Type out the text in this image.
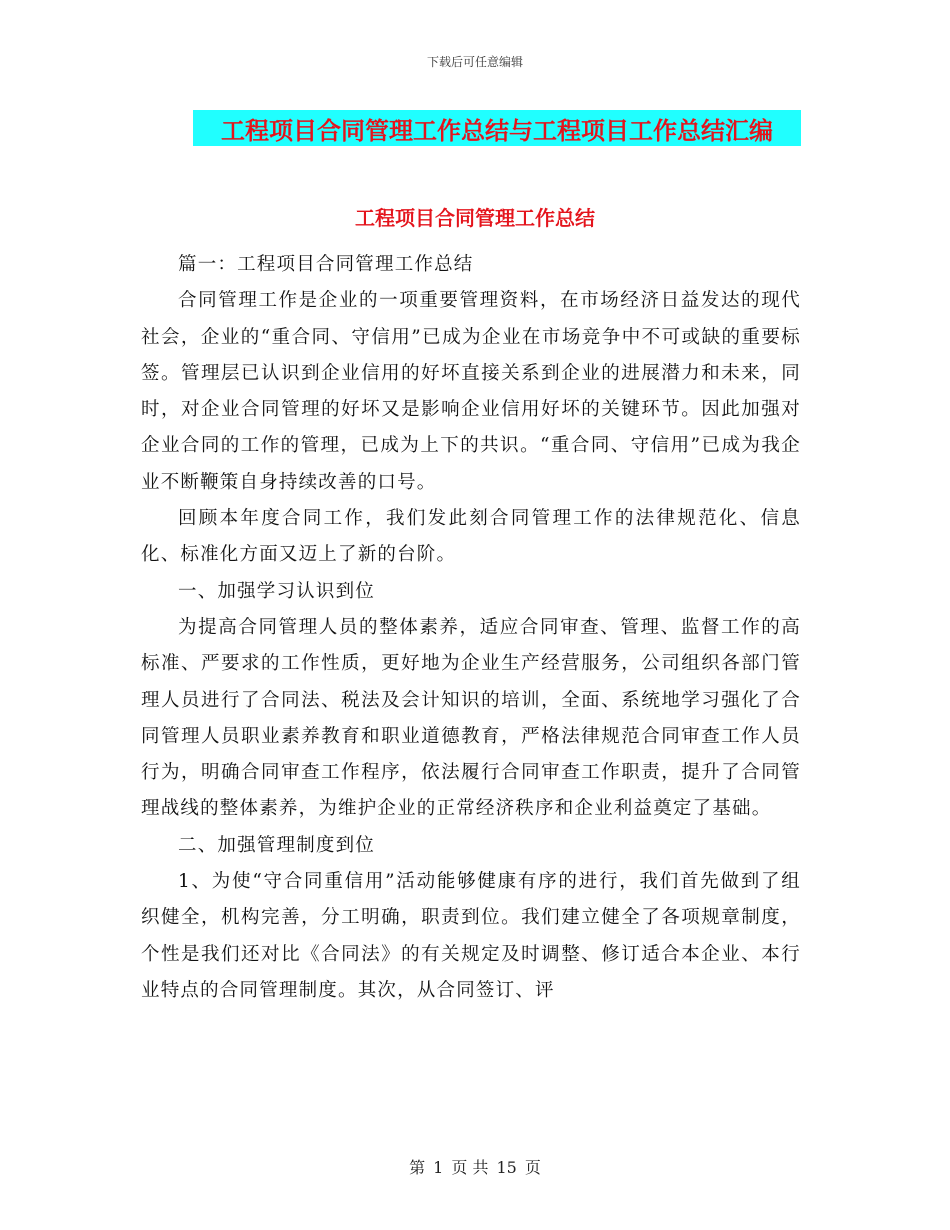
下载后可任意编辑
工程项目合同管理工作总结与工程项目工作总结汇编
工程项目合同管理工作总结

篇一：工程项目合同管理工作总结

合同管理工作是企业的一项重要管理资料，在市场经济日益发达的现代社会，企业的“重合同、守信用”已成为企业在市场竞争中不可或缺的重要标签。管理层已认识到企业信用的好坏直接关系到企业的进展潜力和未来，同时，对企业合同管理的好坏又是影响企业信用好坏的关键环节。因此加强对企业合同的工作的管理，已成为上下的共识。“重合同、守信用”已成为我企业不断鞭策自身持续改善的口号。

回顾本年度合同工作，我们发此刻合同管理工作的法律规范化、信息化、标准化方面又迈上了新的台阶。

一、加强学习认识到位

为提高合同管理人员的整体素养，适应合同审查、管理、监督工作的高标准、严要求的工作性质，更好地为企业生产经营服务，公司组织各部门管理人员进行了合同法、税法及会计知识的培训，全面、系统地学习强化了合同管理人员职业素养教育和职业道德教育，严格法律规范合同审查工作人员行为，明确合同审查工作程序，依法履行合同审查工作职责，提升了合同管理战线的整体素养，为维护企业的正常经济秩序和企业利益奠定了基础。

二、加强管理制度到位

1、为使“守合同重信用”活动能够健康有序的进行，我们首先做到了组织健全，机构完善，分工明确，职责到位。我们建立健全了各项规章制度，个性是我们还对比《合同法》的有关规定及时调整、修订适合本企业、本行业特点的合同管理制度。其次，从合同签订、评

第 1 页 共 15 页
